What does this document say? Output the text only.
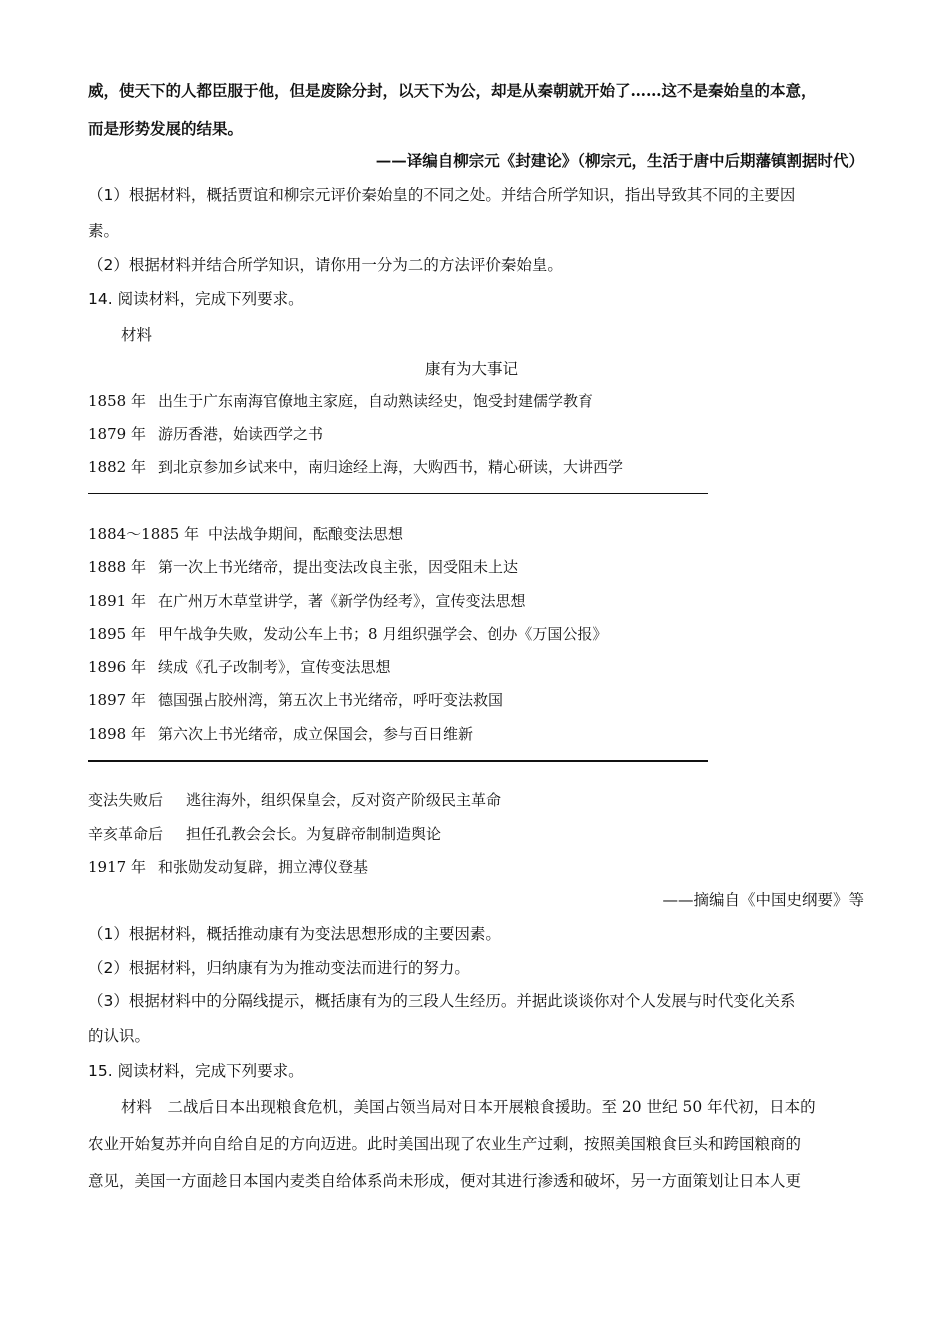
威，使天下的人都臣服于他，但是废除分封，以天下为公，却是从秦朝就开始了……这不是秦始皇的本意，
而是形势发展的结果。
——译编自柳宗元《封建论》（柳宗元，生活于唐中后期藩镇割据时代）
（1）根据材料，概括贾谊和柳宗元评价秦始皇的不同之处。并结合所学知识，指出导致其不同的主要因
素。
（2）根据材料并结合所学知识，请你用一分为二的方法评价秦始皇。
14. 阅读材料，完成下列要求。
材料
康有为大事记
1858 年 出生于广东南海官僚地主家庭，自动熟读经史，饱受封建儒学教育
1879 年 游历香港，始读西学之书
1882 年 到北京参加乡试来中，南归途经上海，大购西书，精心研读，大讲西学
1884～1885 年 中法战争期间，酝酿变法思想
1888 年 第一次上书光绪帝，提出变法改良主张，因受阻未上达
1891 年 在广州万木草堂讲学，著《新学伪经考》，宣传变法思想
1895 年 甲午战争失败，发动公车上书；8 月组织强学会、创办《万国公报》
1896 年 续成《孔子改制考》，宣传变法思想
1897 年 德国强占胶州湾，第五次上书光绪帝，呼吁变法救国
1898 年 第六次上书光绪帝，成立保国会，参与百日维新
变法失败后 逃往海外，组织保皇会，反对资产阶级民主革命
辛亥革命后 担任孔教会会长。为复辟帝制制造舆论
1917 年 和张勋发动复辟，拥立溥仪登基
——摘编自《中国史纲要》等
（1）根据材料，概括推动康有为变法思想形成的主要因素。
（2）根据材料，归纳康有为为推动变法而进行的努力。
（3）根据材料中的分隔线提示，概括康有为的三段人生经历。并据此谈谈你对个人发展与时代变化关系
的认识。
15. 阅读材料，完成下列要求。
材料　二战后日本出现粮食危机，美国占领当局对日本开展粮食援助。至 20 世纪 50 年代初，日本的
农业开始复苏并向自给自足的方向迈进。此时美国出现了农业生产过剩，按照美国粮食巨头和跨国粮商的
意见，美国一方面趁日本国内麦类自给体系尚未形成，便对其进行渗透和破坏，另一方面策划让日本人更
